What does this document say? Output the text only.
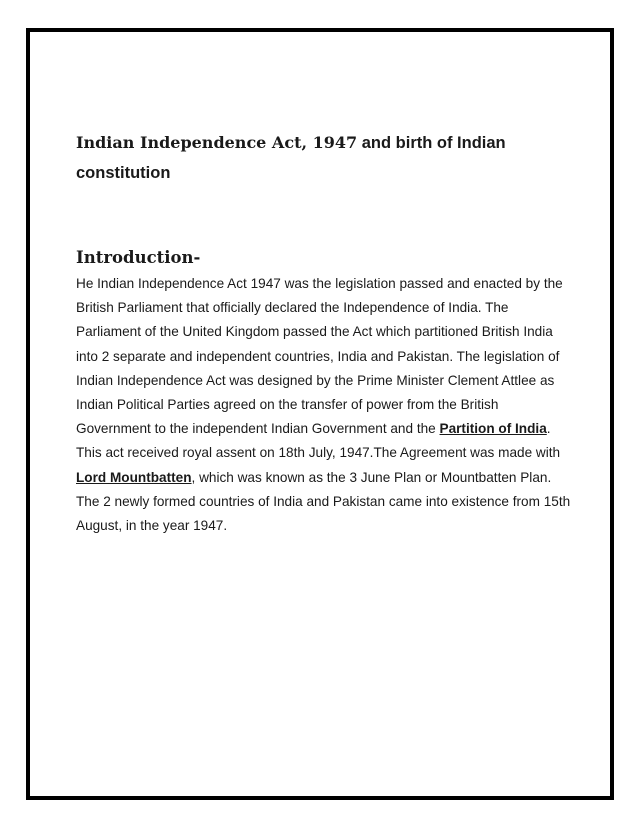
Indian Independence Act, 1947 and birth of Indian constitution
Introduction-

He Indian Independence Act 1947 was the legislation passed and enacted by the British Parliament that officially declared the Independence of India. The Parliament of the United Kingdom passed the Act which partitioned British India into 2 separate and independent countries, India and Pakistan. The legislation of Indian Independence Act was designed by the Prime Minister Clement Attlee as Indian Political Parties agreed on the transfer of power from the British Government to the independent Indian Government and the Partition of India. This act received royal assent on 18th July, 1947.The Agreement was made with Lord Mountbatten, which was known as the 3 June Plan or Mountbatten Plan. The 2 newly formed countries of India and Pakistan came into existence from 15th August, in the year 1947.
